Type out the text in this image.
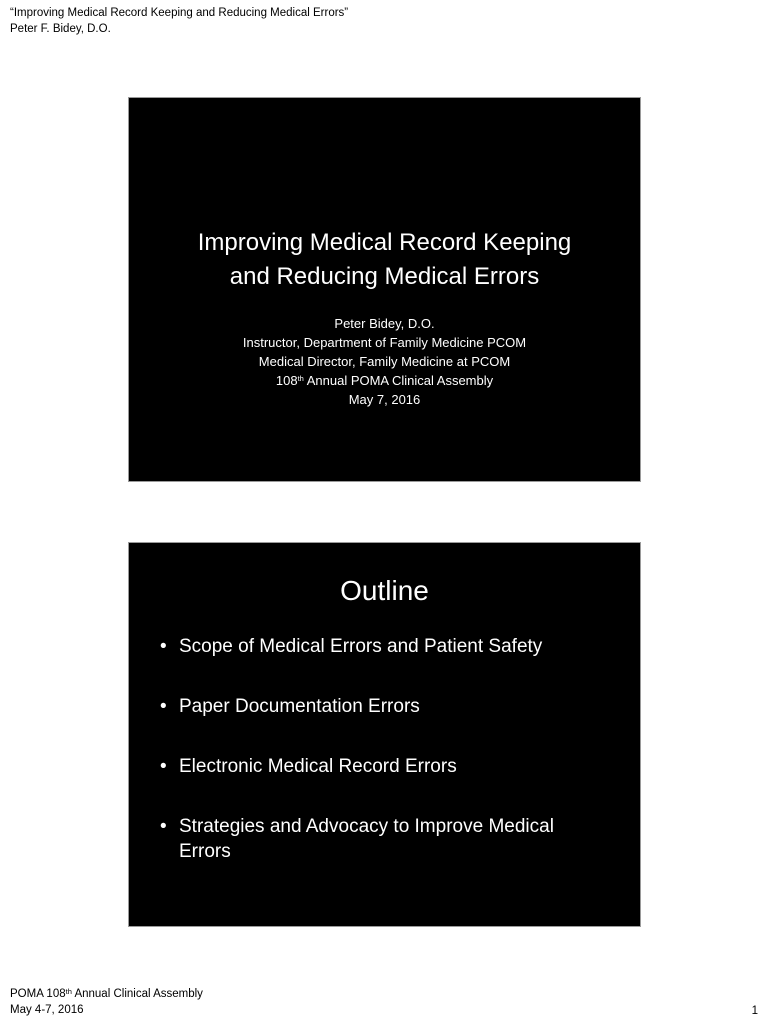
“Improving Medical Record Keeping and Reducing Medical Errors”
Peter F. Bidey, D.O.
Improving Medical Record Keeping
and Reducing Medical Errors
Peter Bidey, D.O.
Instructor, Department of Family Medicine PCOM
Medical Director, Family Medicine at PCOM
108th Annual POMA Clinical Assembly
May 7, 2016
Outline
• Scope of Medical Errors and Patient Safety
• Paper Documentation Errors
• Electronic Medical Record Errors
• Strategies and Advocacy to Improve Medical Errors
POMA 108th Annual Clinical Assembly
May 4-7, 2016	1
